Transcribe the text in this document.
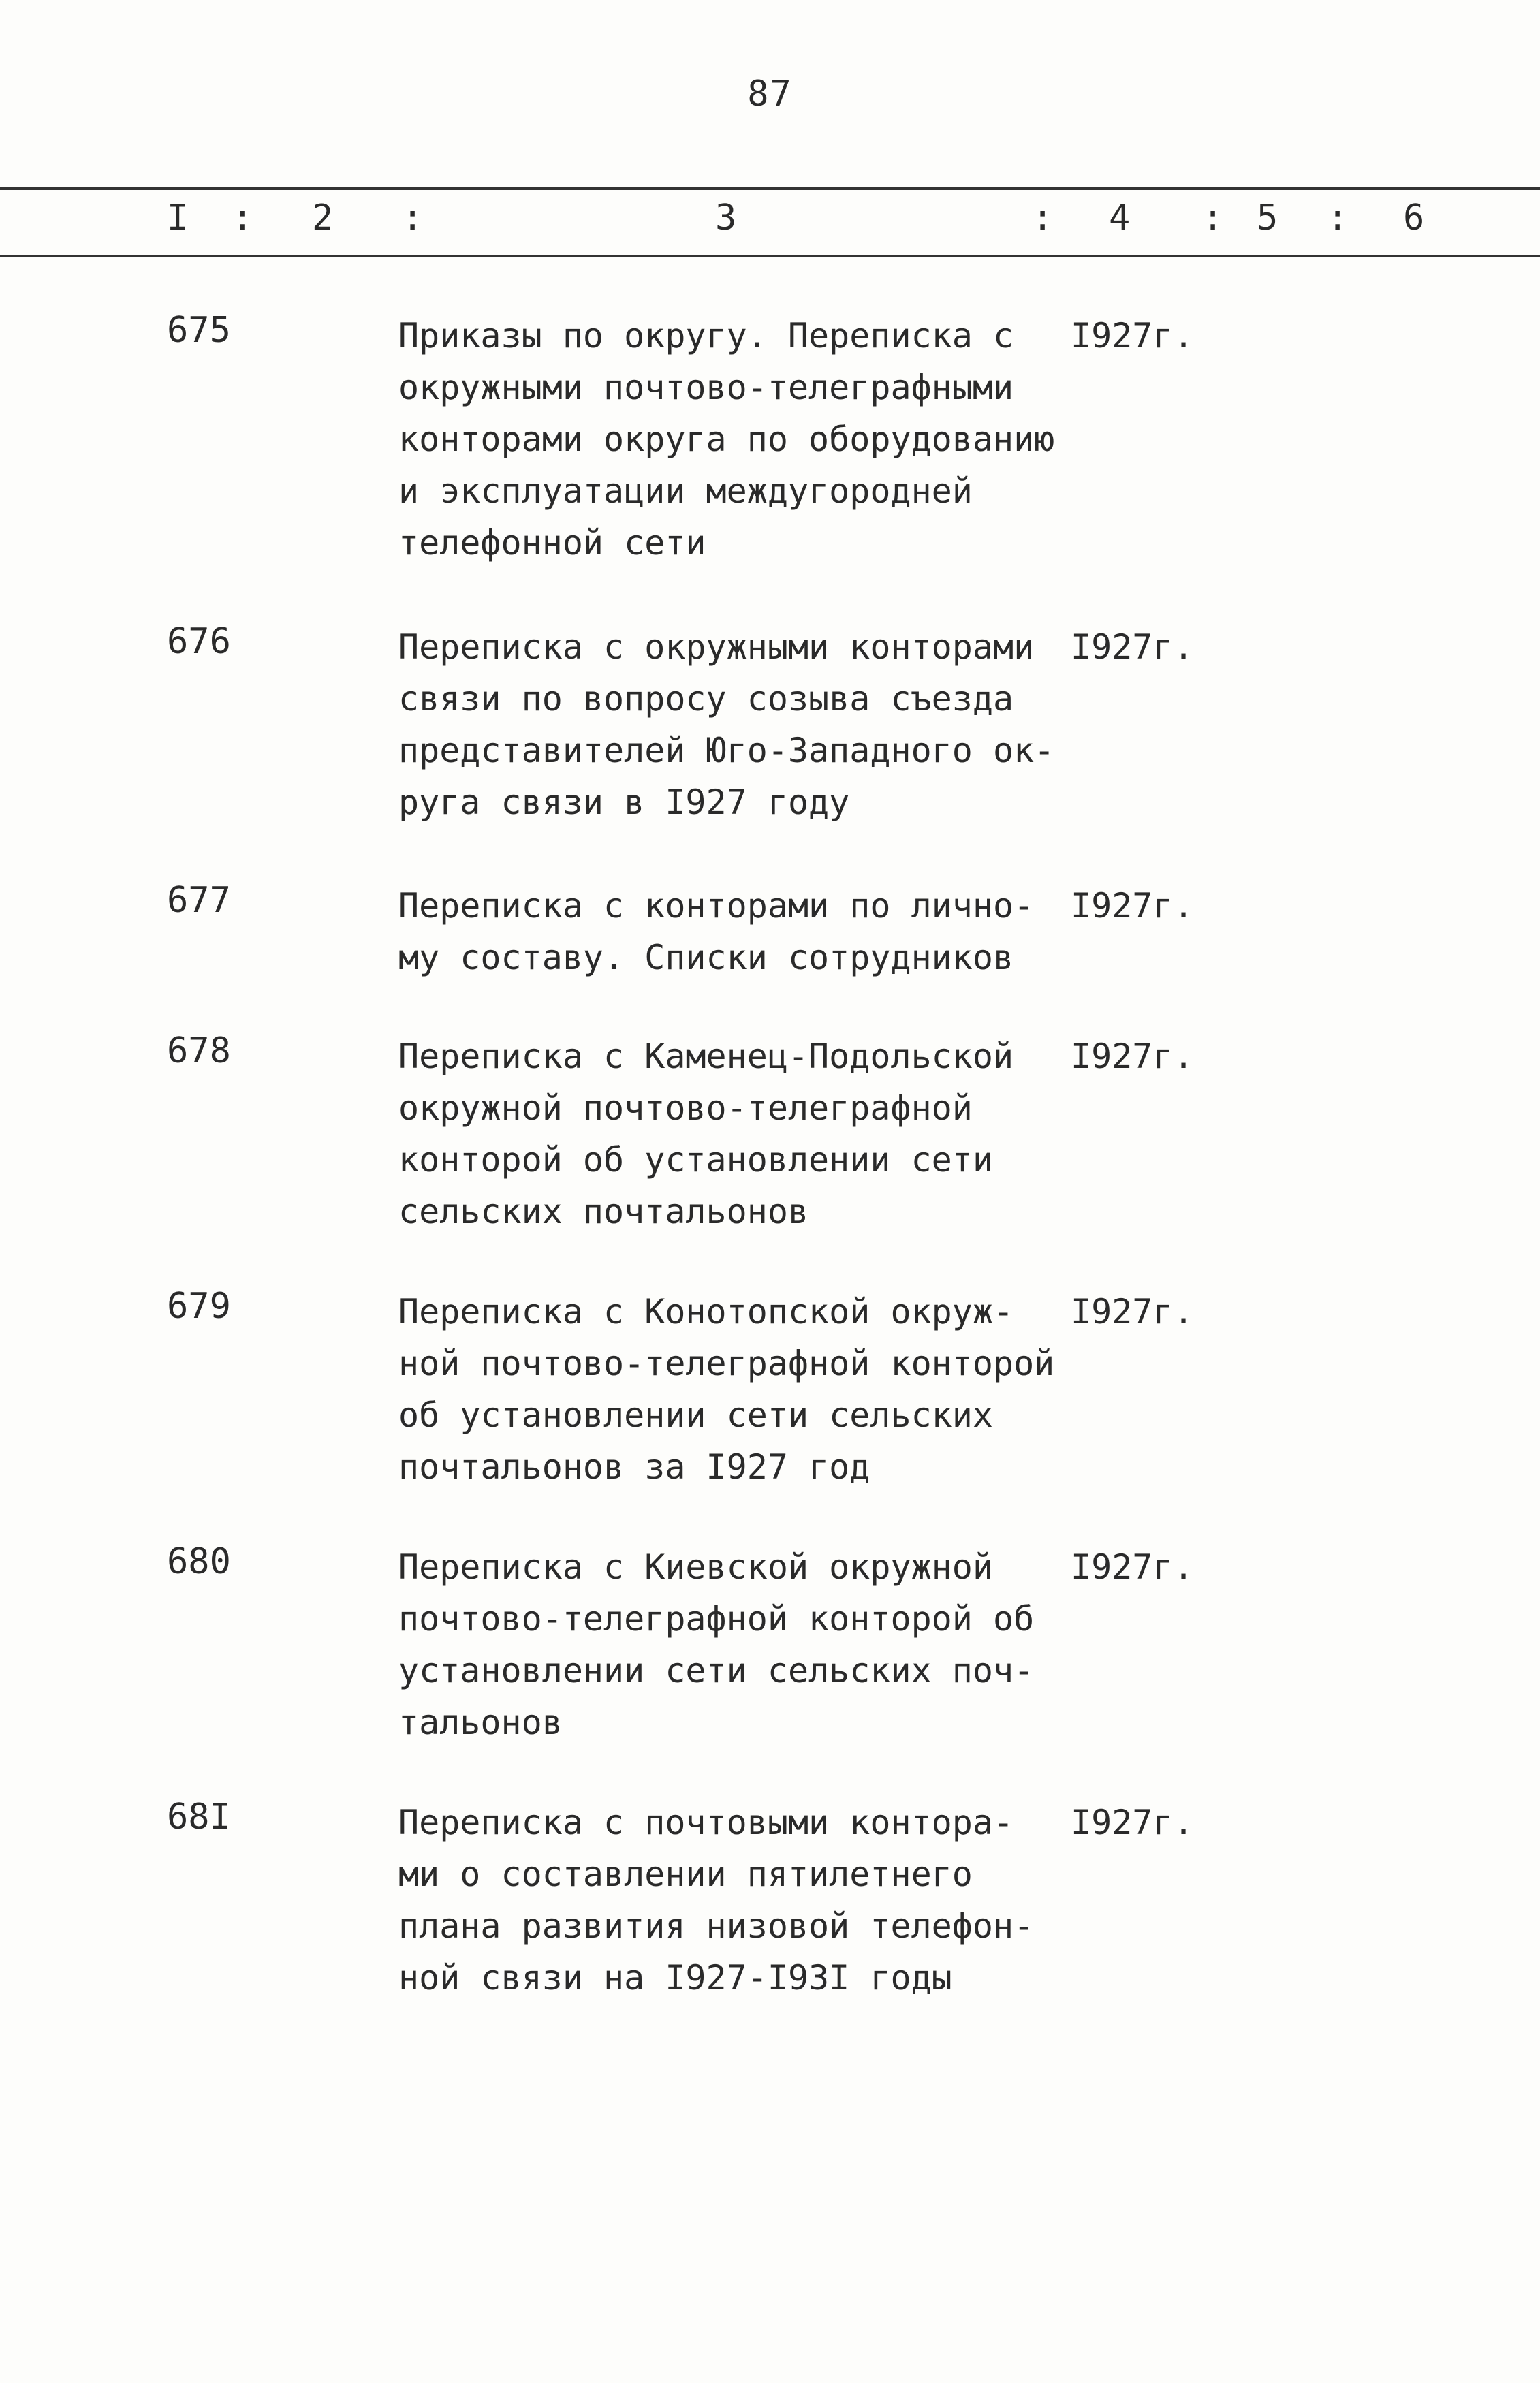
87
I : 2 :	3	: 4 : 5 : 6
675	Приказы по округу. Переписка с
окружными почтово-телеграфными
конторами округа по оборудованию
и эксплуатации междугородней
телефонной сети
I927г.
676	Переписка с окружными конторами
связи по вопросу созыва съезда
представителей Юго-Западного ок-
руга связи в I927 году
I927г.
677	Переписка с конторами по лично-
му составу. Списки сотрудников
I927г.
678	Переписка с Каменец-Подольской
окружной почтово-телеграфной
конторой об установлении сети
сельских почтальонов
I927г.
679	Переписка с Конотопской окруж-
ной почтово-телеграфной конторой
об установлении сети сельских
почтальонов за I927 год
I927г.
680	Переписка с Киевской окружной
почтово-телеграфной конторой об
установлении сети сельских поч-
тальонов
I927г.
68I	Переписка с почтовыми контора-
ми о составлении пятилетнего
плана развития низовой телефон-
ной связи на I927-I93I годы
I927г.
